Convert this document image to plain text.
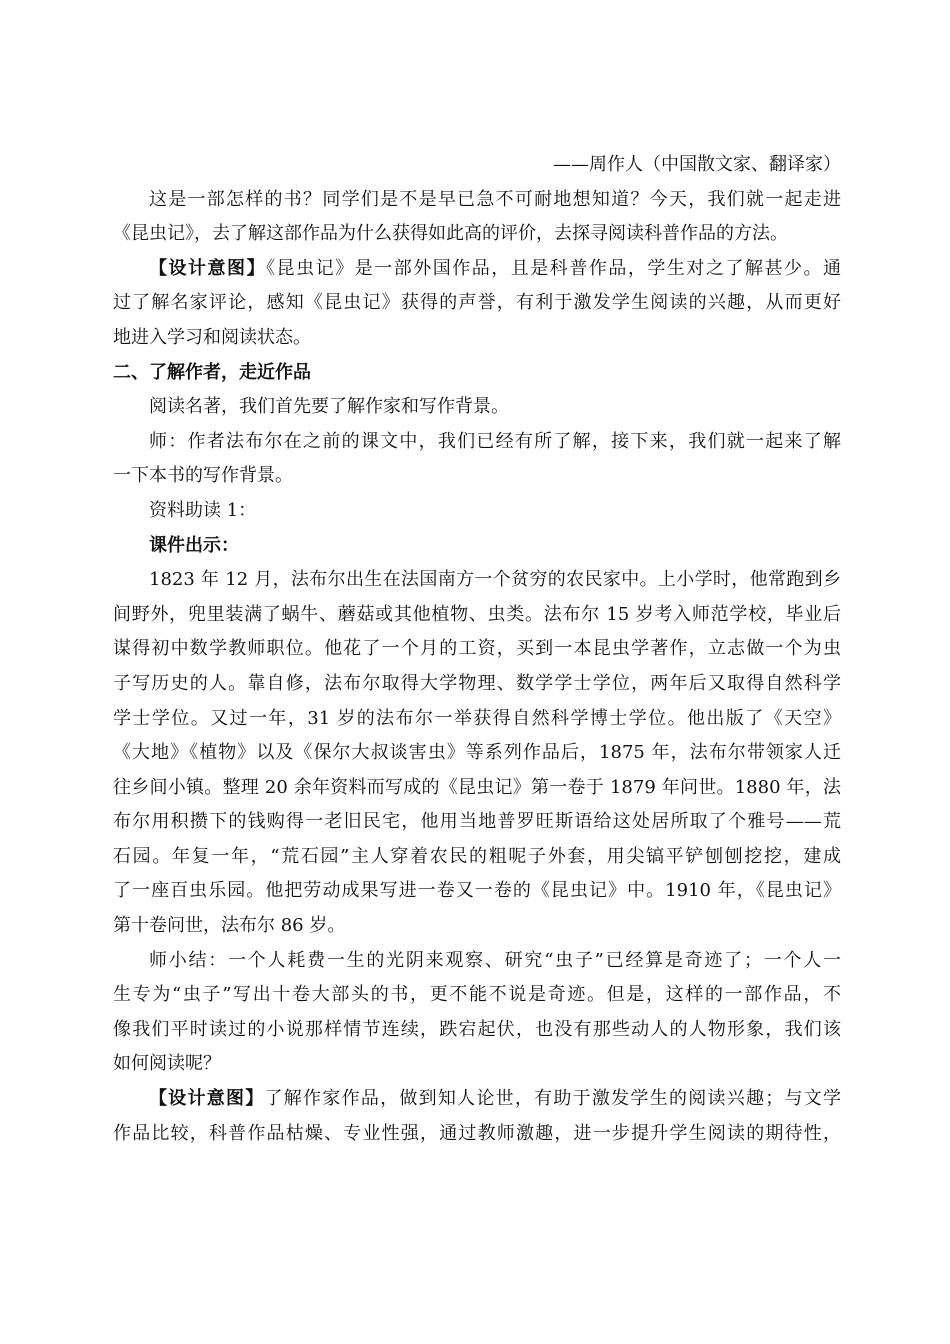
——周作人（中国散文家、翻译家）
这是一部怎样的书？同学们是不是早已急不可耐地想知道？今天，我们就一起走进
《昆虫记》，去了解这部作品为什么获得如此高的评价，去探寻阅读科普作品的方法。
【设计意图】《昆虫记》是一部外国作品，且是科普作品，学生对之了解甚少。通
过了解名家评论，感知《昆虫记》获得的声誉，有利于激发学生阅读的兴趣，从而更好
地进入学习和阅读状态。
二、了解作者，走近作品
阅读名著，我们首先要了解作家和写作背景。
师：作者法布尔在之前的课文中，我们已经有所了解，接下来，我们就一起来了解
一下本书的写作背景。
资料助读 1：
课件出示：
1823 年 12 月，法布尔出生在法国南方一个贫穷的农民家中。上小学时，他常跑到乡
间野外，兜里装满了蜗牛、蘑菇或其他植物、虫类。法布尔 15 岁考入师范学校，毕业后
谋得初中数学教师职位。他花了一个月的工资，买到一本昆虫学著作，立志做一个为虫
子写历史的人。靠自修，法布尔取得大学物理、数学学士学位，两年后又取得自然科学
学士学位。又过一年，31 岁的法布尔一举获得自然科学博士学位。他出版了《天空》
《大地》《植物》以及《保尔大叔谈害虫》等系列作品后，1875 年，法布尔带领家人迁
往乡间小镇。整理 20 余年资料而写成的《昆虫记》第一卷于 1879 年问世。1880 年，法
布尔用积攒下的钱购得一老旧民宅，他用当地普罗旺斯语给这处居所取了个雅号——荒
石园。年复一年，“荒石园”主人穿着农民的粗呢子外套，用尖镐平铲刨刨挖挖，建成
了一座百虫乐园。他把劳动成果写进一卷又一卷的《昆虫记》中。1910 年，《昆虫记》
第十卷问世，法布尔 86 岁。
师小结：一个人耗费一生的光阴来观察、研究“虫子”已经算是奇迹了；一个人一
生专为“虫子”写出十卷大部头的书，更不能不说是奇迹。但是，这样的一部作品，不
像我们平时读过的小说那样情节连续，跌宕起伏，也没有那些动人的人物形象，我们该
如何阅读呢？
【设计意图】了解作家作品，做到知人论世，有助于激发学生的阅读兴趣；与文学
作品比较，科普作品枯燥、专业性强，通过教师激趣，进一步提升学生阅读的期待性，
